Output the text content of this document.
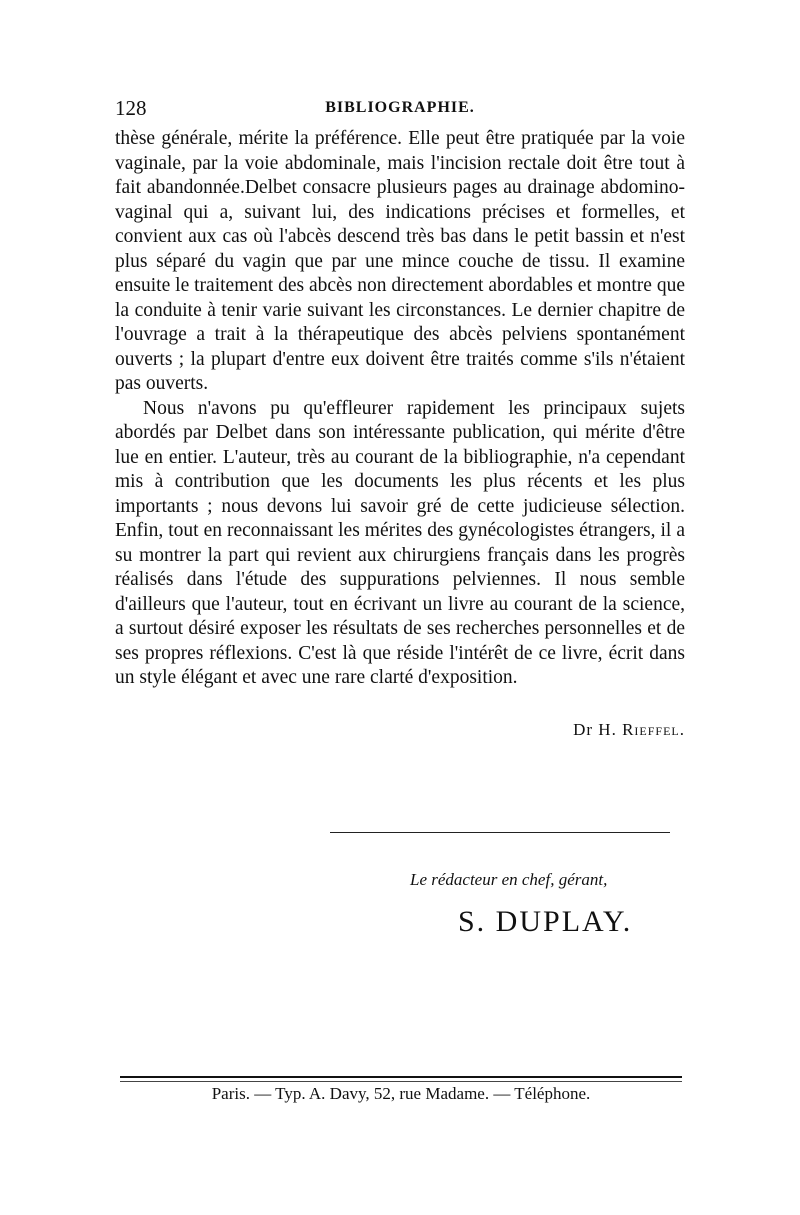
128	BIBLIOGRAPHIE.

thèse générale, mérite la préférence. Elle peut être pratiquée par la voie vaginale, par la voie abdominale, mais l'incision rectale doit être tout à fait abandonnée.Delbet consacre plusieurs pages au drainage abdomino-vaginal qui a, suivant lui, des indications précises et formelles, et convient aux cas où l'abcès descend très bas dans le petit bassin et n'est plus séparé du vagin que par une mince couche de tissu. Il examine ensuite le traitement des abcès non directement abordables et montre que la conduite à tenir varie suivant les circonstances. Le dernier chapitre de l'ouvrage a trait à la thérapeutique des abcès pelviens spontanément ouverts ; la plupart d'entre eux doivent être traités comme s'ils n'étaient pas ouverts.

Nous n'avons pu qu'effleurer rapidement les principaux sujets abordés par Delbet dans son intéressante publication, qui mérite d'être lue en entier. L'auteur, très au courant de la bibliographie, n'a cependant mis à contribution que les documents les plus récents et les plus importants ; nous devons lui savoir gré de cette judicieuse sélection. Enfin, tout en reconnaissant les mérites des gynécologistes étrangers, il a su montrer la part qui revient aux chirurgiens français dans les progrès réalisés dans l'étude des suppurations pelviennes. Il nous semble d'ailleurs que l'auteur, tout en écrivant un livre au courant de la science, a surtout désiré exposer les résultats de ses recherches personnelles et de ses propres réflexions. C'est là que réside l'intérêt de ce livre, écrit dans un style élégant et avec une rare clarté d'exposition.

Dr H. Rieffel.
Le rédacteur en chef, gérant,
S. DUPLAY.
Paris. — Typ. A. Davy, 52, rue Madame. — Téléphone.
